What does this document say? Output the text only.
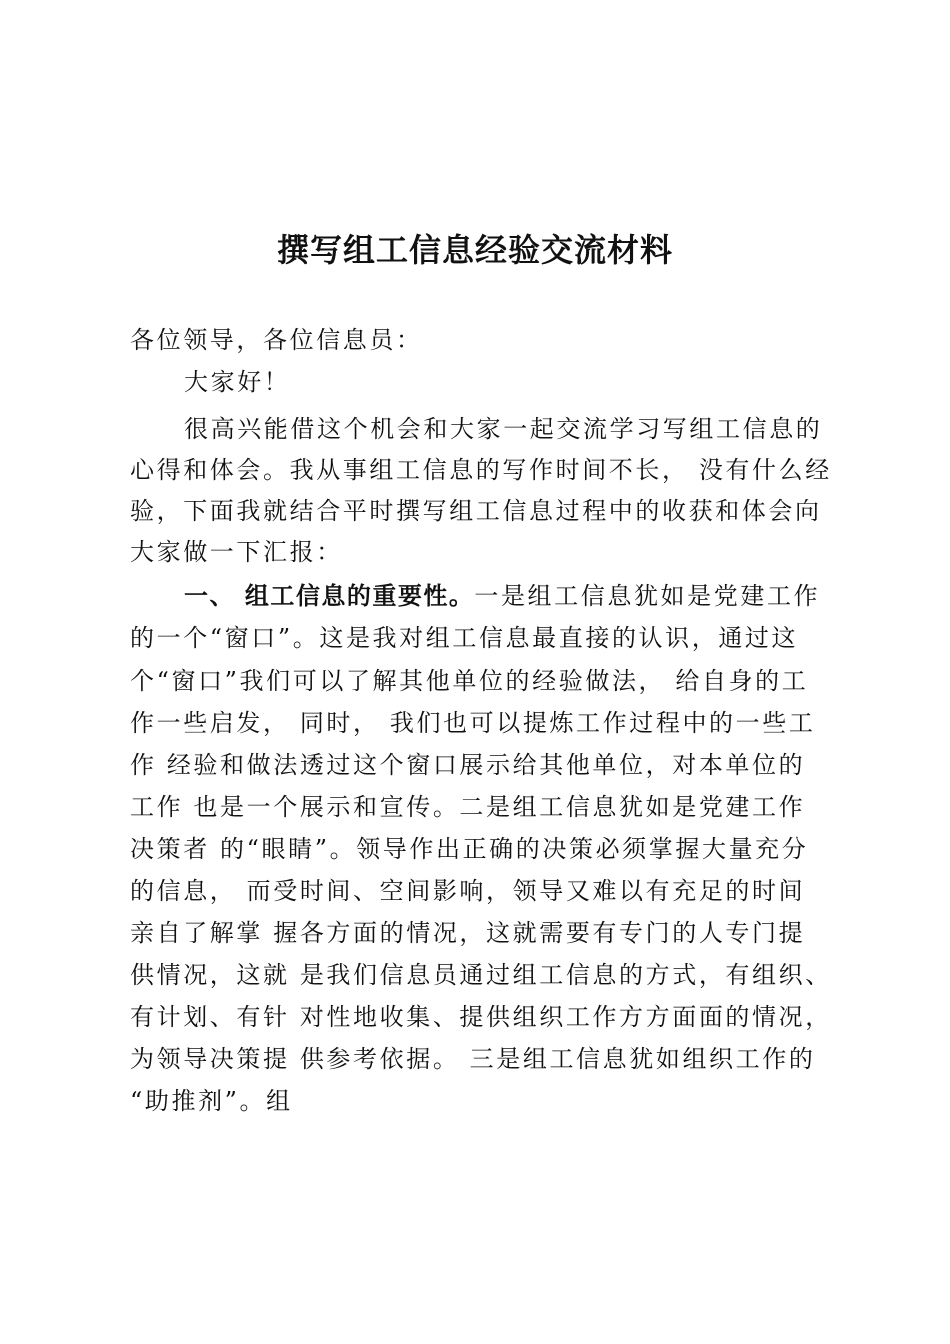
撰写组工信息经验交流材料
各位领导，各位信息员：
大家好！
很高兴能借这个机会和大家一起交流学习写组工信息的
心得和体会。我从事组工信息的写作时间不长， 没有什么经
验，下面我就结合平时撰写组工信息过程中的收获和体会向
大家做一下汇报：
一、 组工信息的重要性。一是组工信息犹如是党建工作
的一个“窗口”。这是我对组工信息最直接的认识，通过这
个“窗口”我们可以了解其他单位的经验做法， 给自身的工
作一些启发， 同时， 我们也可以提炼工作过程中的一些工
作 经验和做法透过这个窗口展示给其他单位，对本单位的
工作 也是一个展示和宣传。二是组工信息犹如是党建工作
决策者 的“眼睛”。领导作出正确的决策必须掌握大量充分
的信息， 而受时间、空间影响，领导又难以有充足的时间
亲自了解掌 握各方面的情况，这就需要有专门的人专门提
供情况，这就 是我们信息员通过组工信息的方式，有组织、
有计划、有针 对性地收集、提供组织工作方方面面的情况，
为领导决策提 供参考依据。 三是组工信息犹如组织工作的
“助推剂”。组
